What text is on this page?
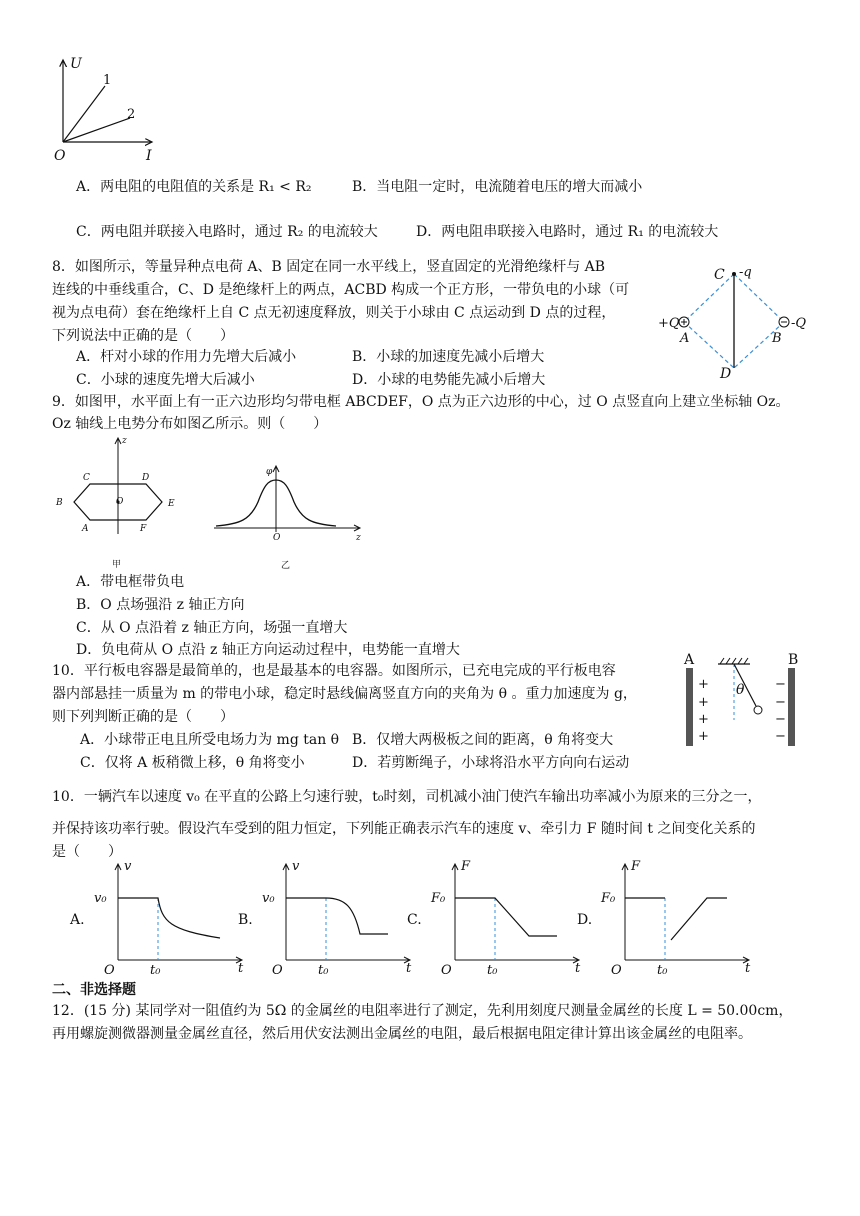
U
I
O
1
2
A．两电阻的电阻值的关系是 R₁ < R₂	B．当电阻一定时，电流随着电压的增大而减小
C．两电阻并联接入电路时，通过 R₂ 的电流较大	D．两电阻串联接入电路时，通过 R₁ 的电流较大
8．如图所示，等量异种点电荷 A、B 固定在同一水平线上，竖直固定的光滑绝缘杆与 AB
连线的中垂线重合，C、D 是绝缘杆上的两点，ACBD 构成一个正方形，一带负电的小球（可
视为点电荷）套在绝缘杆上自 C 点无初速度释放，则关于小球由 C 点运动到 D 点的过程，
下列说法中正确的是（　　）
A．杆对小球的作用力先增大后减小	B．小球的加速度先减小后增大
C．小球的速度先增大后减小	D．小球的电势能先减小后增大
C -q
+Q
A
-Q
B
D
9．如图甲，水平面上有一正六边形均匀带电框 ABCDEF，O 点为正六边形的中心，过 O 点竖直向上建立坐标轴 Oz。
Oz 轴线上电势分布如图乙所示。则（　　）
z
C	D
B	E
O
A	F
甲
φ
O	z
乙
A．带电框带负电
B．O 点场强沿 z 轴正方向
C．从 O 点沿着 z 轴正方向，场强一直增大
D．负电荷从 O 点沿 z 轴正方向运动过程中，电势能一直增大
10．平行板电容器是最简单的，也是最基本的电容器。如图所示，已充电完成的平行板电容
器内部悬挂一质量为 m 的带电小球，稳定时悬线偏离竖直方向的夹角为 θ 。重力加速度为 g，
则下列判断正确的是（　　）
A．小球带正电且所受电场力为 mg tan θ B．仅增大两极板之间的距离，θ 角将变大
C．仅将 A 板稍微上移，θ 角将变小	D．若剪断绳子，小球将沿水平方向向右运动
A	B
θ
+
+
+
+
−
−
−
−
10．一辆汽车以速度 v₀ 在平直的公路上匀速行驶，t₀时刻，司机减小油门使汽车输出功率减小为原来的三分之一，
并保持该功率行驶。假设汽车受到的阻力恒定，下列能正确表示汽车的速度 v、牵引力 F 随时间 t 之间变化关系的
是（　　）
A.
v
v₀
t
t₀
O
B.
v
v₀
t
t₀
O
C.
F
F₀
t
t₀
O
D.
F
F₀
t
t₀
O
二、非选择题
12．(15 分) 某同学对一阻值约为 5Ω 的金属丝的电阻率进行了测定，先利用刻度尺测量金属丝的长度 L = 50.00cm，
再用螺旋测微器测量金属丝直径，然后用伏安法测出金属丝的电阻，最后根据电阻定律计算出该金属丝的电阻率。
